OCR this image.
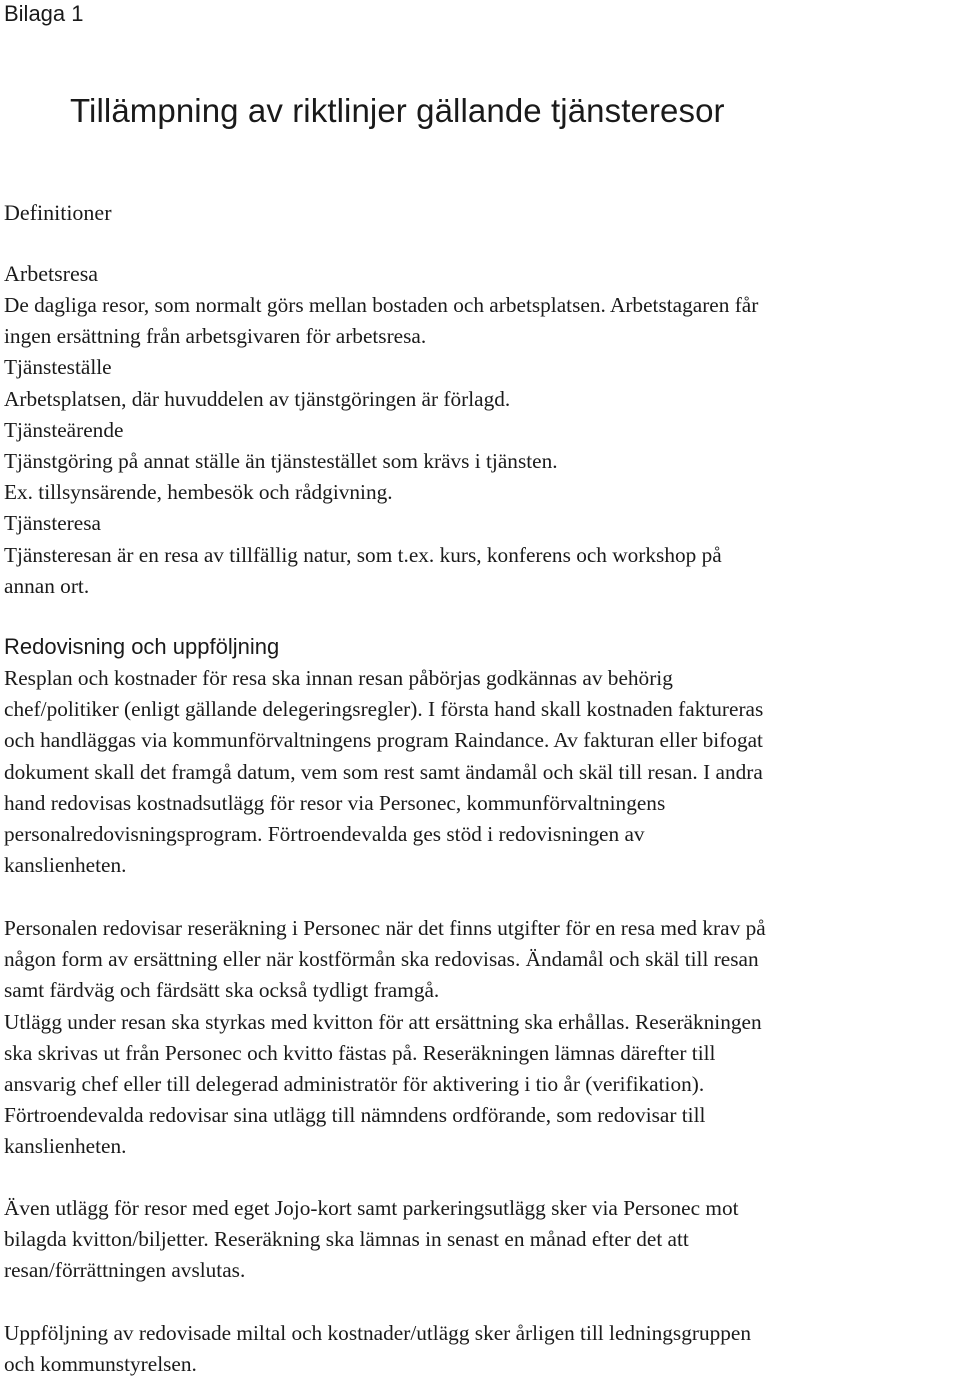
Bilaga 1
Tillämpning av riktlinjer gällande tjänsteresor
Definitioner
Arbetsresa

De dagliga resor, som normalt görs mellan bostaden och arbetsplatsen. Arbetstagaren får

ingen ersättning från arbetsgivaren för arbetsresa.

Tjänsteställe

Arbetsplatsen, där huvuddelen av tjänstgöringen är förlagd.

Tjänsteärende

Tjänstgöring på annat ställe än tjänstestället som krävs i tjänsten.

Ex. tillsynsärende, hembesök och rådgivning.

Tjänsteresa

Tjänsteresan är en resa av tillfällig natur, som t.ex. kurs, konferens och workshop på

annan ort.

Redovisning och uppföljning

Resplan och kostnader för resa ska innan resan påbörjas godkännas av behörig

chef/politiker (enligt gällande delegeringsregler). I första hand skall kostnaden faktureras

och handläggas via kommunförvaltningens program Raindance. Av fakturan eller bifogat

dokument skall det framgå datum, vem som rest samt ändamål och skäl till resan. I andra

hand redovisas kostnadsutlägg för resor via Personec, kommunförvaltningens

personalredovisningsprogram. Förtroendevalda ges stöd i redovisningen av

kanslienheten.

Personalen redovisar reseräkning i Personec när det finns utgifter för en resa med krav på

någon form av ersättning eller när kostförmån ska redovisas. Ändamål och skäl till resan

samt färdväg och färdsätt ska också tydligt framgå.

Utlägg under resan ska styrkas med kvitton för att ersättning ska erhållas. Reseräkningen

ska skrivas ut från Personec och kvitto fästas på. Reseräkningen lämnas därefter till

ansvarig chef eller till delegerad administratör för aktivering i tio år (verifikation).

Förtroendevalda redovisar sina utlägg till nämndens ordförande, som redovisar till

kanslienheten.

Även utlägg för resor med eget Jojo-kort samt parkeringsutlägg sker via Personec mot

bilagda kvitton/biljetter. Reseräkning ska lämnas in senast en månad efter det att

resan/förrättningen avslutas.

Uppföljning av redovisade miltal och kostnader/utlägg sker årligen till ledningsgruppen

och kommunstyrelsen.
